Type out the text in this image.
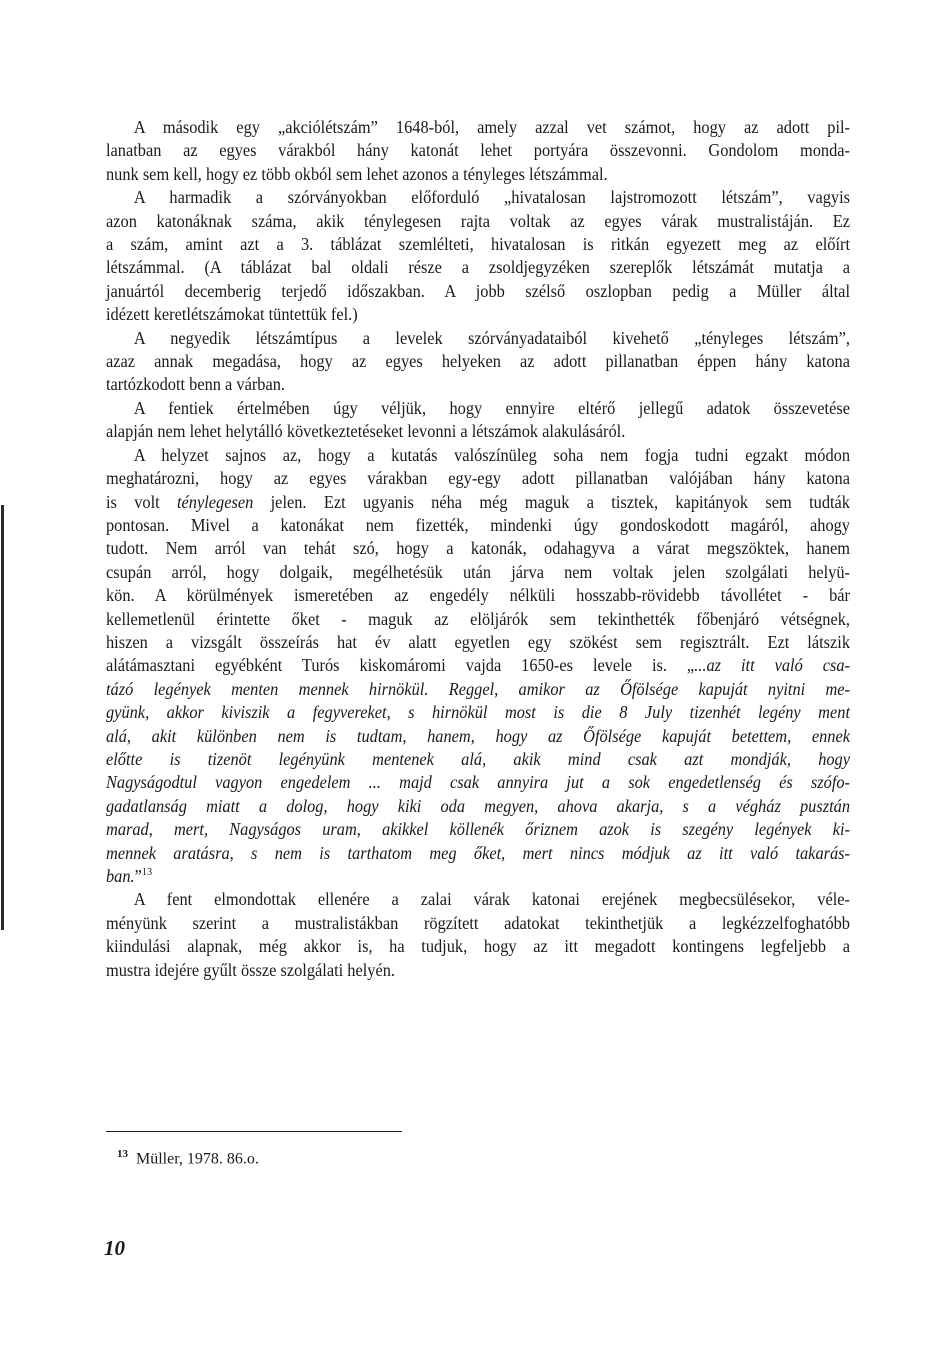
A második egy „akciólétszám” 1648-ból, amely azzal vet számot, hogy az adott pil-
lanatban az egyes várakból hány katonát lehet portyára összevonni. Gondolom monda-
nunk sem kell, hogy ez több okból sem lehet azonos a tényleges létszámmal.

A harmadik a szórványokban előforduló „hivatalosan lajstromozott létszám”, vagyis
azon katonáknak száma, akik ténylegesen rajta voltak az egyes várak mustralistáján. Ez
a szám, amint azt a 3. táblázat szemlélteti, hivatalosan is ritkán egyezett meg az előírt
létszámmal. (A táblázat bal oldali része a zsoldjegyzéken szereplők létszámát mutatja a
januártól decemberig terjedő időszakban. A jobb szélső oszlopban pedig a Müller által
idézett keretlétszámokat tüntettük fel.)

A negyedik létszámtípus a levelek szórványadataiból kivehető „tényleges létszám”,
azaz annak megadása, hogy az egyes helyeken az adott pillanatban éppen hány katona
tartózkodott benn a várban.

A fentiek értelmében úgy véljük, hogy ennyire eltérő jellegű adatok összevetése
alapján nem lehet helytálló következtetéseket levonni a létszámok alakulásáról.

A helyzet sajnos az, hogy a kutatás valószínüleg soha nem fogja tudni egzakt módon
meghatározni, hogy az egyes várakban egy-egy adott pillanatban valójában hány katona
is volt ténylegesen jelen. Ezt ugyanis néha még maguk a tisztek, kapitányok sem tudták
pontosan. Mivel a katonákat nem fizették, mindenki úgy gondoskodott magáról, ahogy
tudott. Nem arról van tehát szó, hogy a katonák, odahagyva a várat megszöktek, hanem
csupán arról, hogy dolgaik, megélhetésük után járva nem voltak jelen szolgálati helyü-
kön. A körülmények ismeretében az engedély nélküli hosszabb-rövidebb távollétet - bár
kellemetlenül érintette őket - maguk az elöljárók sem tekinthették főbenjáró vétségnek,
hiszen a vizsgált összeírás hat év alatt egyetlen egy szökést sem regisztrált. Ezt látszik
alátámasztani egyébként Turós kiskomáromi vajda 1650-es levele is. „...az itt való csa-
tázó legények menten mennek hirnökül. Reggel, amikor az Őfölsége kapuját nyitni me-
gyünk, akkor kiviszik a fegyvereket, s hirnökül most is die 8 July tizenhét legény ment
alá, akit különben nem is tudtam, hanem, hogy az Őfölsége kapuját betettem, ennek
előtte is tizenöt legényünk mentenek alá, akik mind csak azt mondják, hogy
Nagyságodtul vagyon engedelem ... majd csak annyira jut a sok engedetlenség és szófo-
gadatlanság miatt a dolog, hogy kiki oda megyen, ahova akarja, s a végház pusztán
marad, mert, Nagyságos uram, akikkel köllenék őriznem azok is szegény legények ki-
mennek aratásra, s nem is tarthatom meg őket, mert nincs módjuk az itt való takarás-
ban.”$^{13}$

A fent elmondottak ellenére a zalai várak katonai erejének megbecsülésekor, véle-
ményünk szerint a mustralistákban rögzített adatokat tekinthetjük a legkézzelfoghatóbb
kiindulási alapnak, még akkor is, ha tudjuk, hogy az itt megadott kontingens legfeljebb a
mustra idejére gyűlt össze szolgálati helyén.

$^{13}$ Müller, 1978. 86.o.
10
